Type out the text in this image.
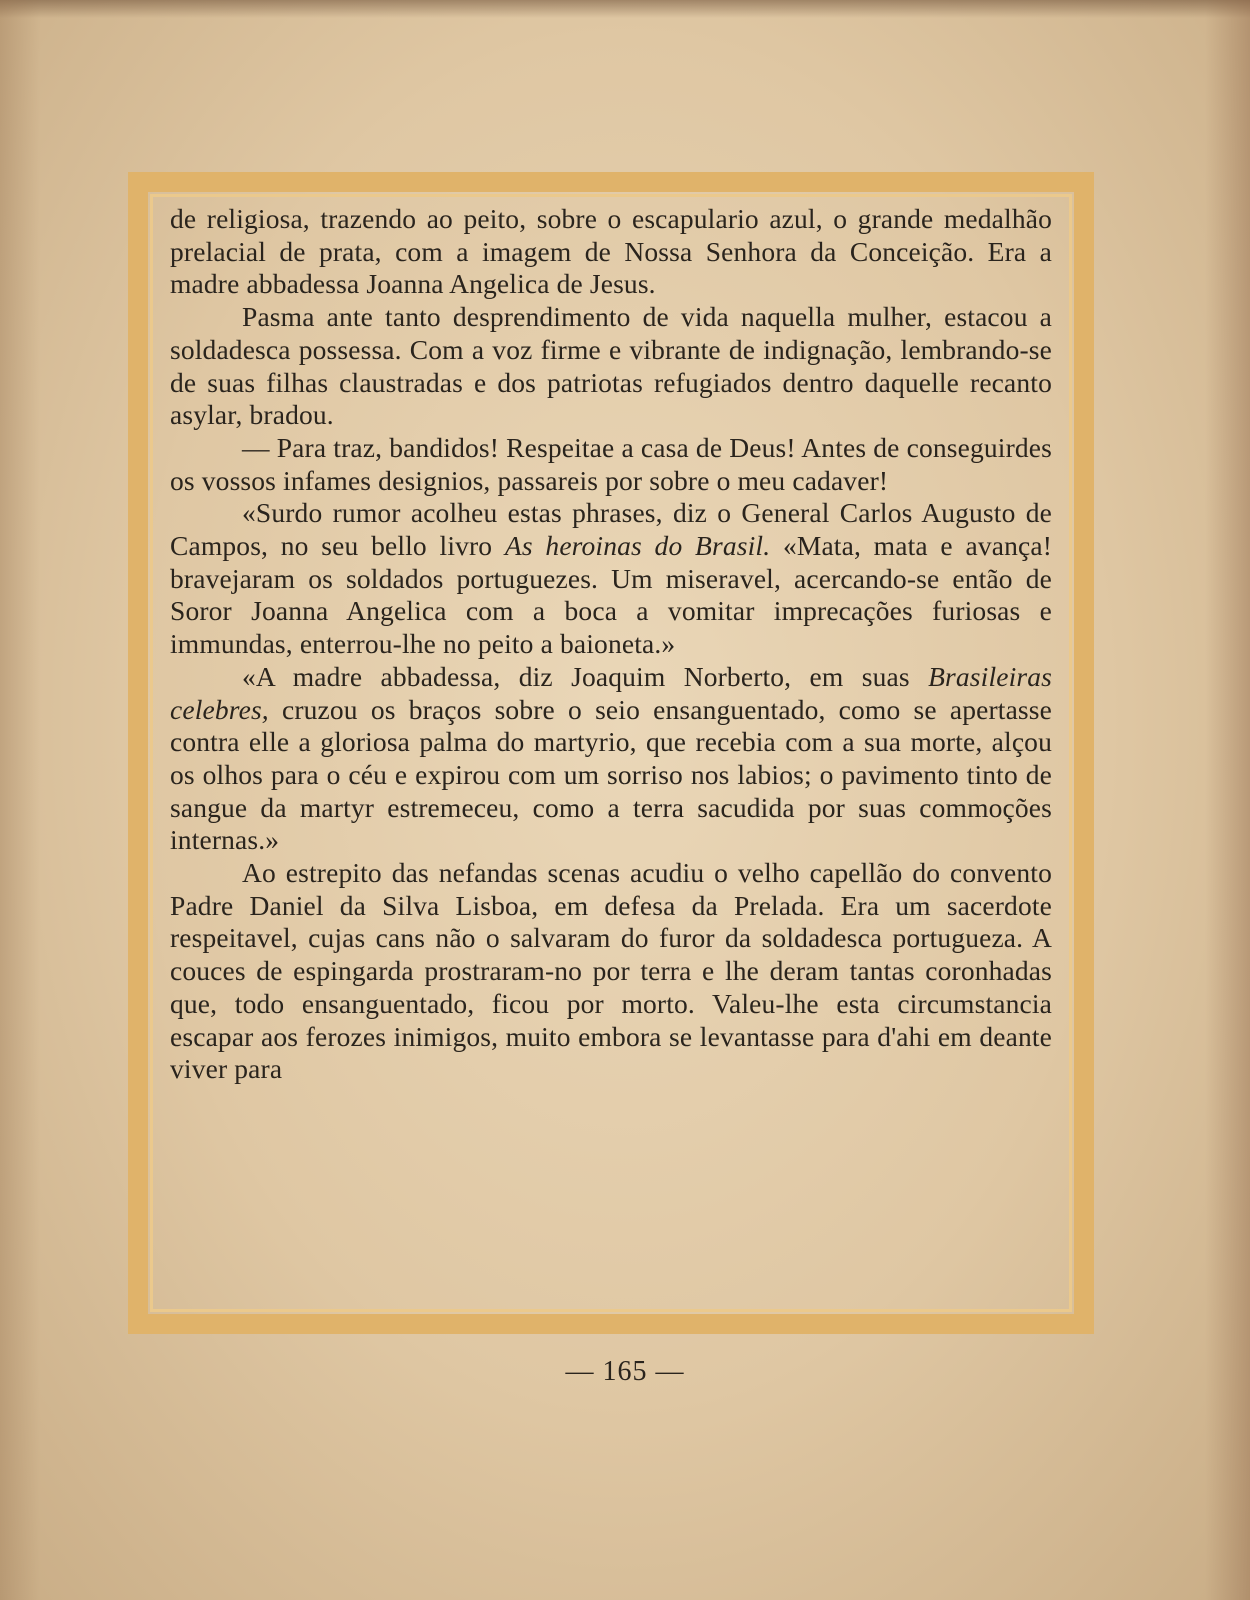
de religiosa, trazendo ao peito, sobre o escapulario azul, o grande medalhão prelacial de prata, com a imagem de Nossa Senhora da Conceição. Era a madre abbadessa Joanna Angelica de Jesus.

Pasma ante tanto desprendimento de vida naquella mulher, estacou a soldadesca possessa. Com a voz firme e vibrante de indignação, lembrando-se de suas filhas claustradas e dos patriotas refugiados dentro daquelle recanto asylar, bradou.

— Para traz, bandidos! Respeitae a casa de Deus! Antes de conseguirdes os vossos infames designios, passareis por sobre o meu cadaver!

«Surdo rumor acolheu estas phrases, diz o General Carlos Augusto de Campos, no seu bello livro As heroinas do Brasil. «Mata, mata e avança! bravejaram os soldados portuguezes. Um miseravel, acercando-se então de Soror Joanna Angelica com a boca a vomitar imprecações furiosas e immundas, enterrou-lhe no peito a baioneta.»

«A madre abbadessa, diz Joaquim Norberto, em suas Brasileiras celebres, cruzou os braços sobre o seio ensanguentado, como se apertasse contra elle a gloriosa palma do martyrio, que recebia com a sua morte, alçou os olhos para o céu e expirou com um sorriso nos labios; o pavimento tinto de sangue da martyr estremeceu, como a terra sacudida por suas commoções internas.»

Ao estrepito das nefandas scenas acudiu o velho capellão do convento Padre Daniel da Silva Lisboa, em defesa da Prelada. Era um sacerdote respeitavel, cujas cans não o salvaram do furor da soldadesca portugueza. A couces de espingarda prostraram-no por terra e lhe deram tantas coronhadas que, todo ensanguentado, ficou por morto. Valeu-lhe esta circumstancia escapar aos ferozes inimigos, muito embora se levantasse para d'ahi em deante viver para

— 165 —
